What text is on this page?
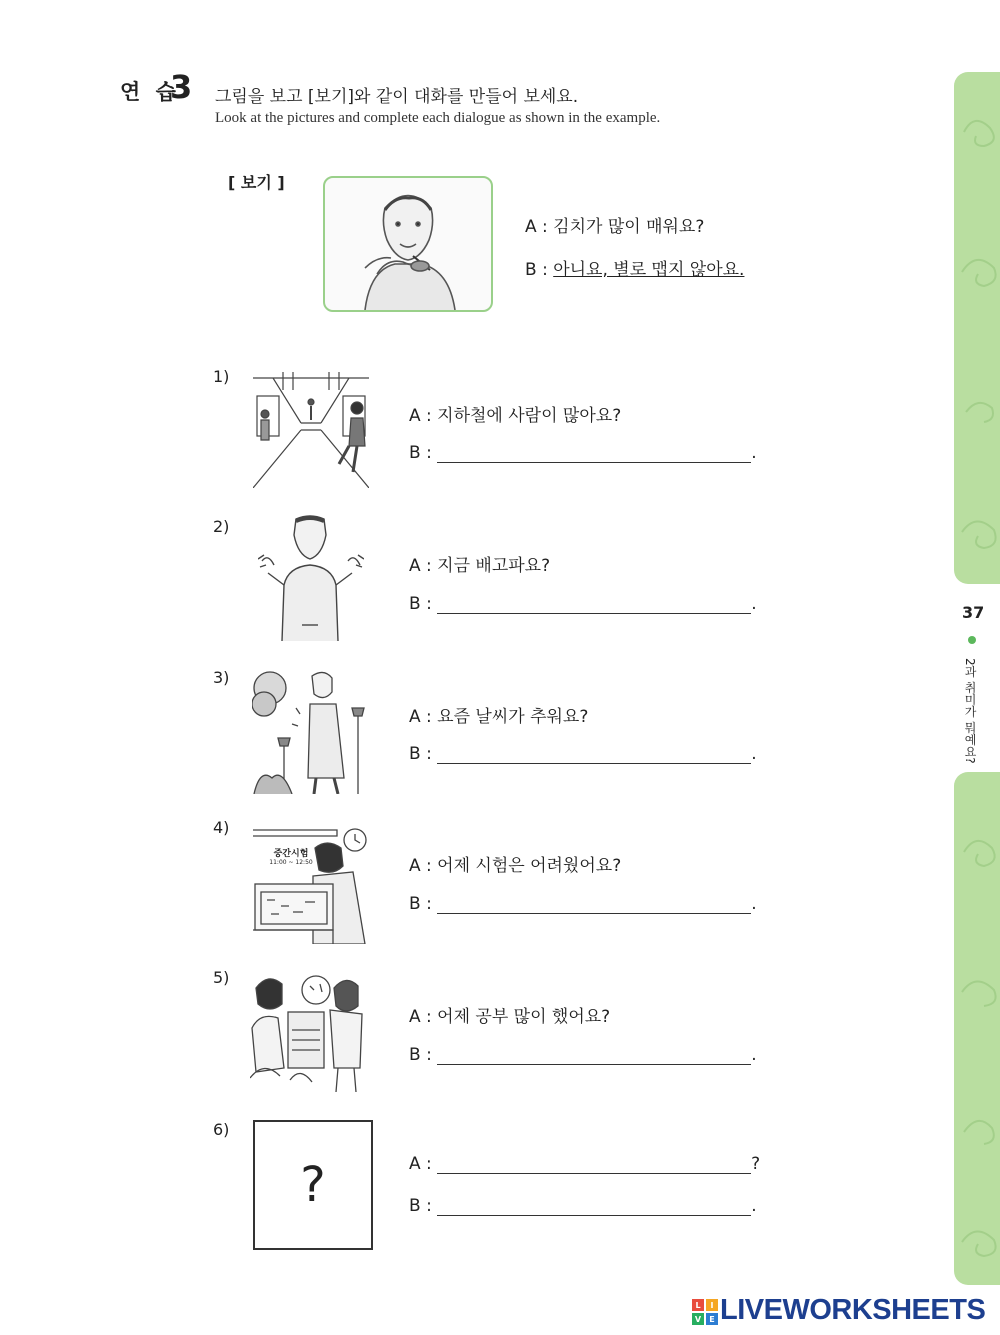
연 습
3 그림을 보고 [보기]와 같이 대화를 만들어 보세요.
Look at the pictures and complete each dialogue as shown in the example.
[ 보기 ]
A : 김치가 많이 매워요?
B : 아니요, 별로 맵지 않아요.
1)
A : 지하철에 사람이 많아요?
B :	.
2)
A : 지금 배고파요?
B :	.
3)
A : 요즘 날씨가 추워요?
B :	.
4)
중간시험
11:00 ~ 12:50	A : 어제 시험은 어려웠어요?
B :	.
5)
A : 어제 공부 많이 했어요?
B :	.
6)
?	A :	?
B :	.
37
2과 취미가 뭐예요?
L I
V E LIVEWORKSHEETS
